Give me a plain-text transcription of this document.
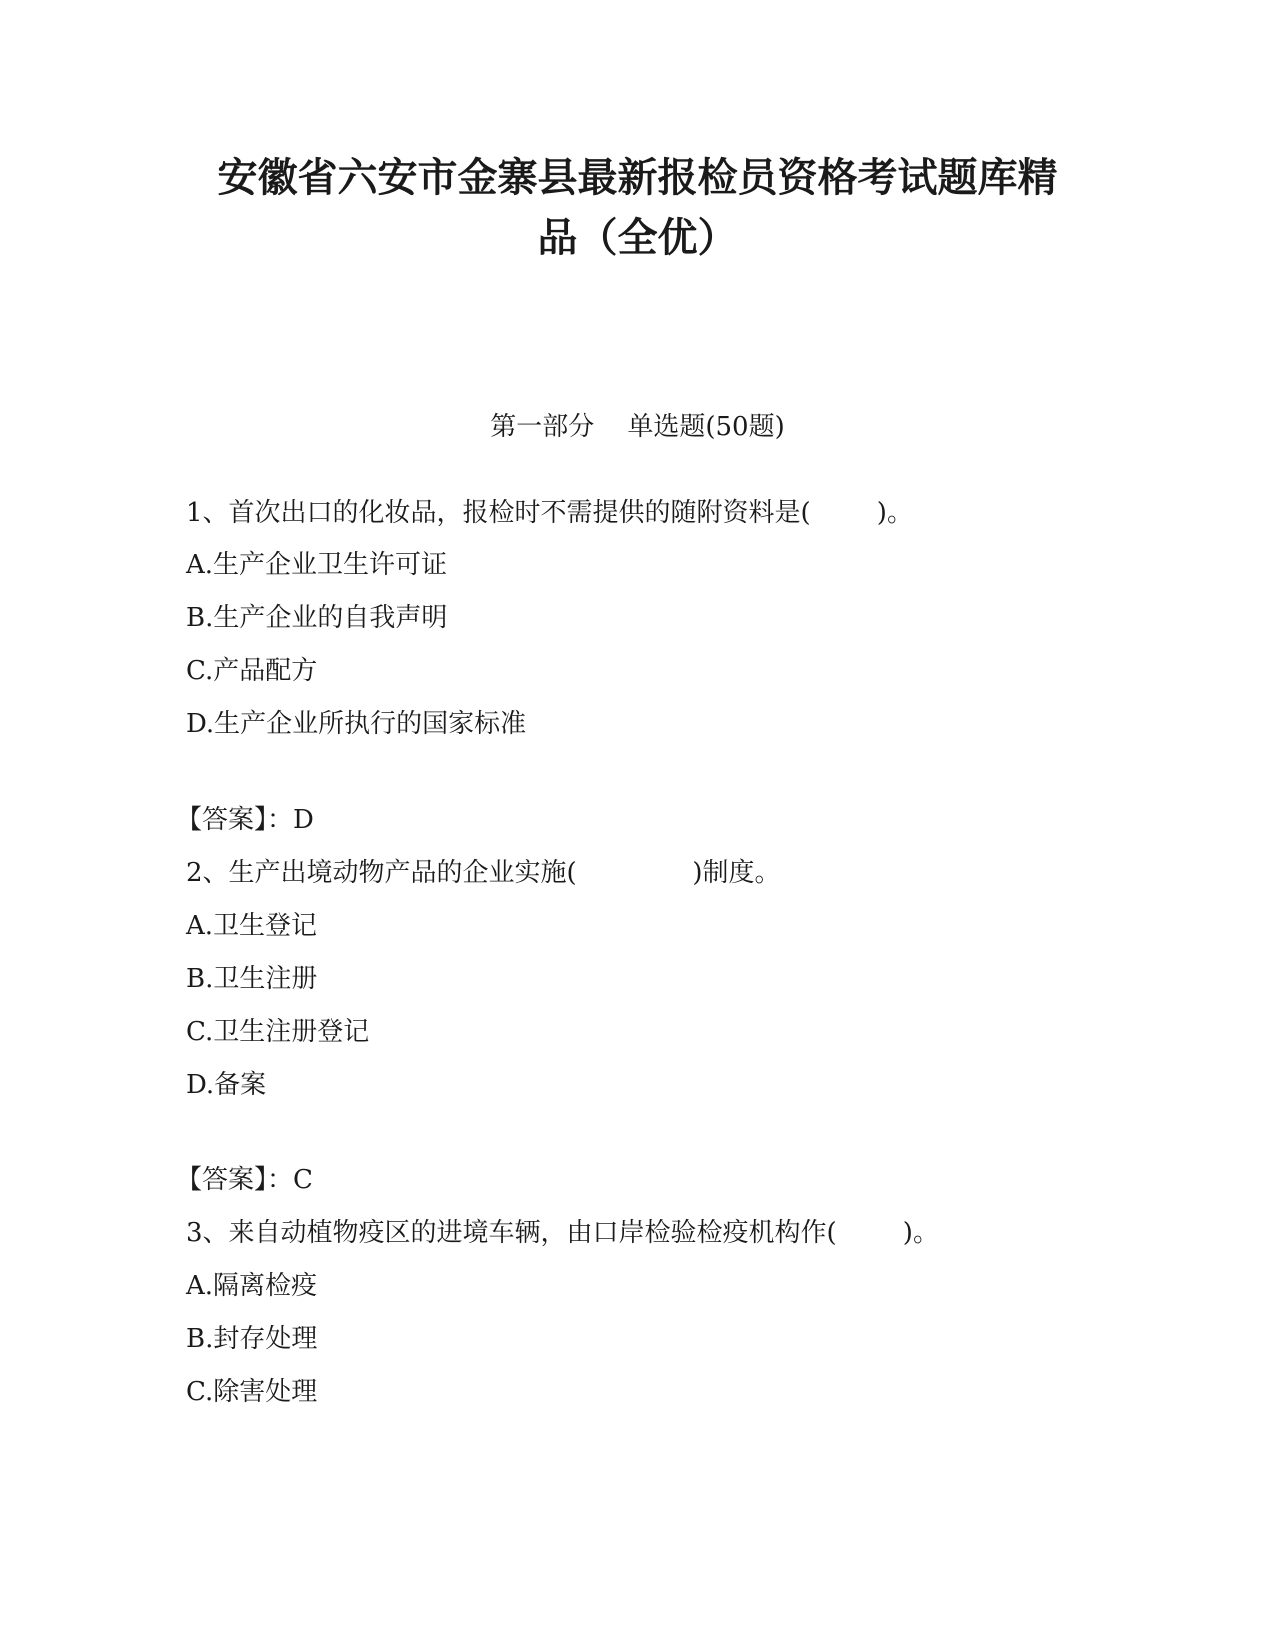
安徽省六安市金寨县最新报检员资格考试题库精
品（全优）
第一部分    单选题(50题)
1、首次出口的化妆品，报检时不需提供的随附资料是(        )。
A.生产企业卫生许可证
B.生产企业的自我声明
C.产品配方
D.生产企业所执行的国家标准
【答案】：D
2、生产出境动物产品的企业实施(              )制度。
A.卫生登记
B.卫生注册
C.卫生注册登记
D.备案
【答案】：C
3、来自动植物疫区的进境车辆，由口岸检验检疫机构作(        )。
A.隔离检疫
B.封存处理
C.除害处理
